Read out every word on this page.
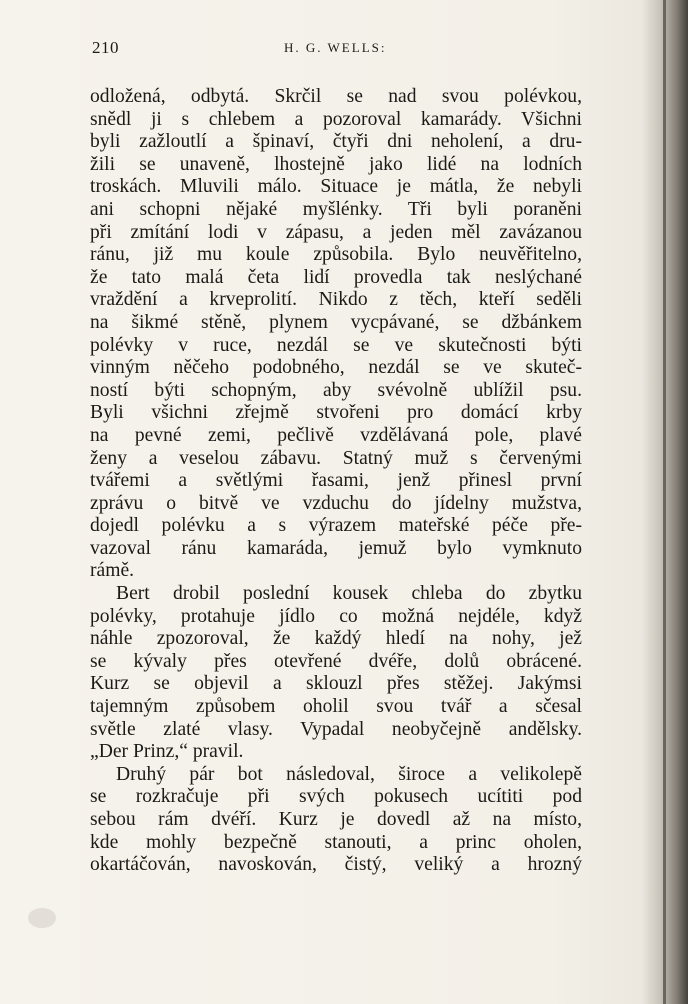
210	H. G. WELLS:
odložená, odbytá. Skrčil se nad svou polévkou,
snědl ji s chlebem a pozoroval kamarády. Všichni
byli zažloutlí a špinaví, čtyři dni neholení, a dru-
žili se unaveně, lhostejně jako lidé na lodních
troskách. Mluvili málo. Situace je mátla, že nebyli
ani schopni nějaké myšlénky. Tři byli poraněni
při zmítání lodi v zápasu, a jeden měl zavázanou
ránu, již mu koule způsobila. Bylo neuvěřitelno,
že tato malá četa lidí provedla tak neslýchané
vraždění a krveprolití. Nikdo z těch, kteří seděli
na šikmé stěně, plynem vycpávané, se džbánkem
polévky v ruce, nezdál se ve skutečnosti býti
vinným něčeho podobného, nezdál se ve skuteč-
ností býti schopným, aby svévolně ublížil psu.
Byli všichni zřejmě stvořeni pro domácí krby
na pevné zemi, pečlivě vzdělávaná pole, plavé
ženy a veselou zábavu. Statný muž s červenými
tvářemi a světlými řasami, jenž přinesl první
zprávu o bitvě ve vzduchu do jídelny mužstva,
dojedl polévku a s výrazem mateřské péče pře-
vazoval ránu kamaráda, jemuž bylo vymknuto
rámě.
Bert drobil poslední kousek chleba do zbytku
polévky, protahuje jídlo co možná nejdéle, když
náhle zpozoroval, že každý hledí na nohy, jež
se kývaly přes otevřené dvéře, dolů obrácené.
Kurz se objevil a sklouzl přes stěžej. Jakýmsi
tajemným způsobem oholil svou tvář a sčesal
světle zlaté vlasy. Vypadal neobyčejně andělsky.
„Der Prinz,“ pravil.
Druhý pár bot následoval, široce a velikolepě
se rozkračuje při svých pokusech ucítiti pod
sebou rám dvéří. Kurz je dovedl až na místo,
kde mohly bezpečně stanouti, a princ oholen,
okartáčován, navoskován, čistý, veliký a hrozný
